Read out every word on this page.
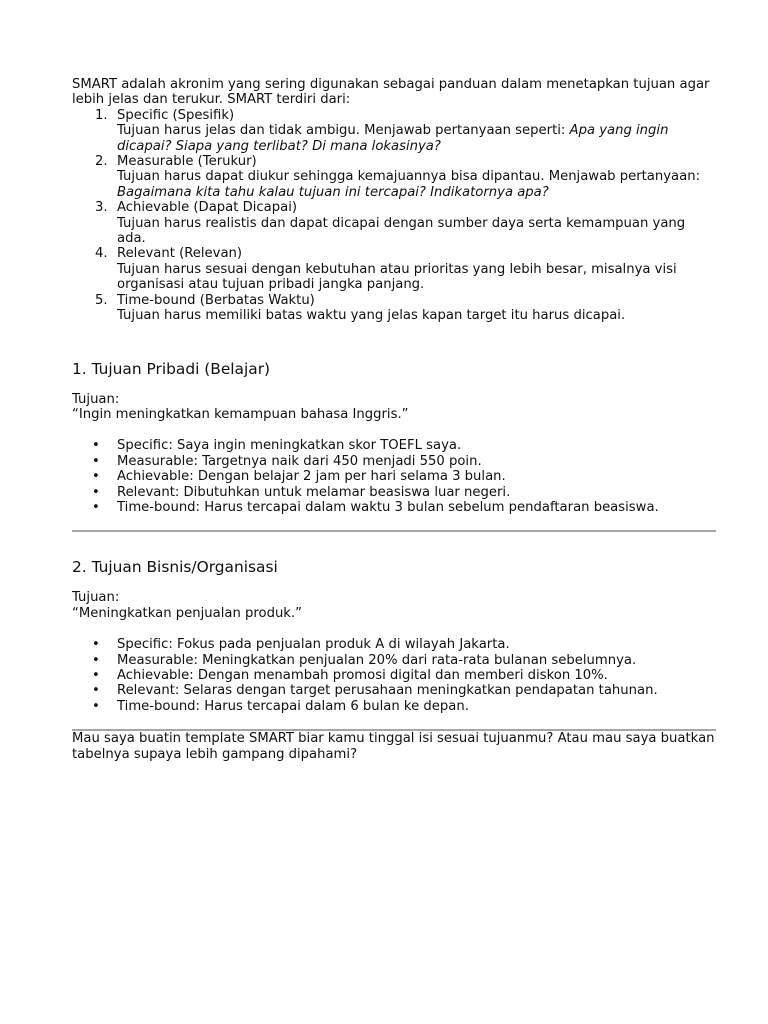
SMART adalah akronim yang sering digunakan sebagai panduan dalam menetapkan tujuan agar lebih jelas dan terukur. SMART terdiri dari:

1. Specific (Spesifik)
Tujuan harus jelas dan tidak ambigu. Menjawab pertanyaan seperti: Apa yang ingin dicapai? Siapa yang terlibat? Di mana lokasinya?
2. Measurable (Terukur)
Tujuan harus dapat diukur sehingga kemajuannya bisa dipantau. Menjawab pertanyaan: Bagaimana kita tahu kalau tujuan ini tercapai? Indikatornya apa?
3. Achievable (Dapat Dicapai)
Tujuan harus realistis dan dapat dicapai dengan sumber daya serta kemampuan yang ada.
4. Relevant (Relevan)
Tujuan harus sesuai dengan kebutuhan atau prioritas yang lebih besar, misalnya visi organisasi atau tujuan pribadi jangka panjang.
5. Time-bound (Berbatas Waktu)
Tujuan harus memiliki batas waktu yang jelas kapan target itu harus dicapai.
1. Tujuan Pribadi (Belajar)

Tujuan:

“Ingin meningkatkan kemampuan bahasa Inggris.”

• Specific: Saya ingin meningkatkan skor TOEFL saya.
• Measurable: Targetnya naik dari 450 menjadi 550 poin.
• Achievable: Dengan belajar 2 jam per hari selama 3 bulan.
• Relevant: Dibutuhkan untuk melamar beasiswa luar negeri.
• Time-bound: Harus tercapai dalam waktu 3 bulan sebelum pendaftaran beasiswa.
2. Tujuan Bisnis/Organisasi

Tujuan:

“Meningkatkan penjualan produk.”

• Specific: Fokus pada penjualan produk A di wilayah Jakarta.
• Measurable: Meningkatkan penjualan 20% dari rata-rata bulanan sebelumnya.
• Achievable: Dengan menambah promosi digital dan memberi diskon 10%.
• Relevant: Selaras dengan target perusahaan meningkatkan pendapatan tahunan.
• Time-bound: Harus tercapai dalam 6 bulan ke depan.

Mau saya buatin template SMART biar kamu tinggal isi sesuai tujuanmu? Atau mau saya buatkan tabelnya supaya lebih gampang dipahami?
